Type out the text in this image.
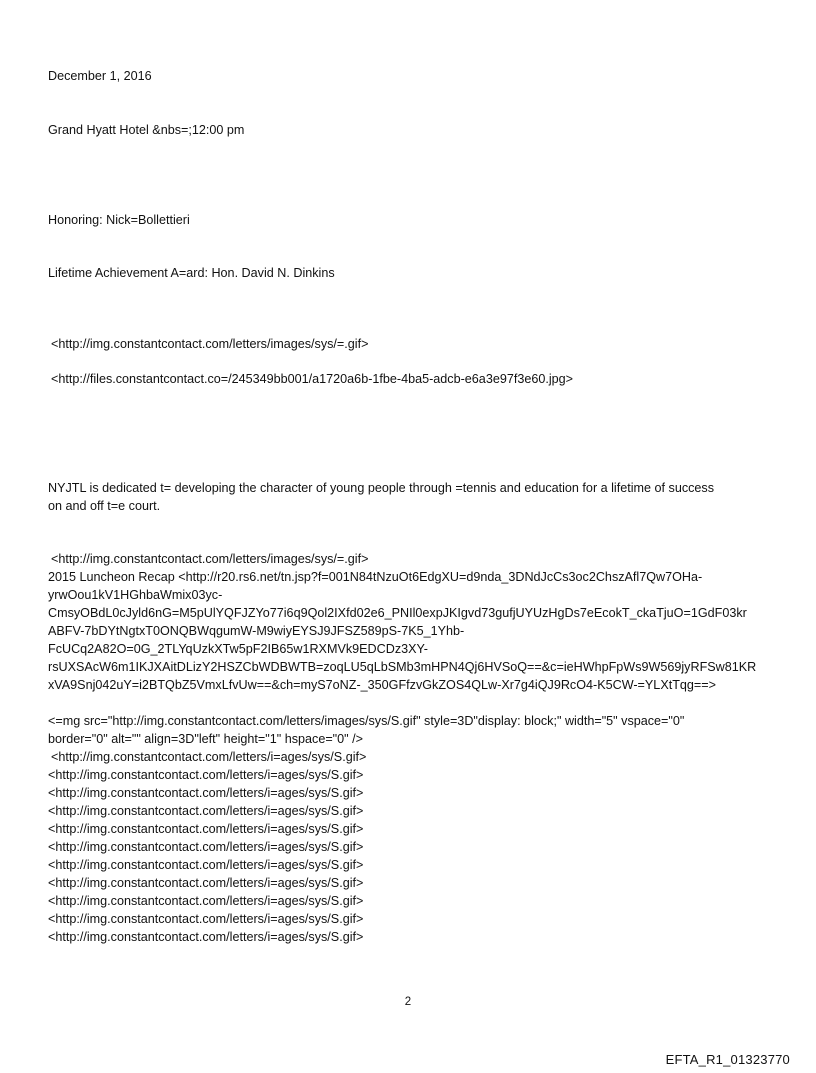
December 1, 2016
Grand Hyatt Hotel &nbs=;12:00 pm
Honoring: Nick=Bollettieri
Lifetime Achievement A=ard: Hon. David N. Dinkins
<http://img.constantcontact.com/letters/images/sys/=.gif>
<http://files.constantcontact.co=/245349bb001/a1720a6b-1fbe-4ba5-adcb-e6a3e97f3e60.jpg>
NYJTL is dedicated t= developing the character of young people through =tennis and education for a lifetime of success
on and off t=e court.
<http://img.constantcontact.com/letters/images/sys/=.gif>
2015 Luncheon Recap <http://r20.rs6.net/tn.jsp?f=001N84tNzuOt6EdgXU=d9nda_3DNdJcCs3oc2ChszAfl7Qw7OHa-
yrwOou1kV1HGhbaWmix03yc-
CmsyOBdL0cJyld6nG=M5pUlYQFJZYo77i6q9Qol2IXfd02e6_PNIl0expJKIgvd73gufjUYUzHgDs7eEcokT_ckaTjuO=1GdF03kr
ABFV-7bDYtNgtxT0ONQBWqgumW-M9wiyEYSJ9JFSZ589pS-7K5_1Yhb-
FcUCq2A82O=0G_2TLYqUzkXTw5pF2IB65w1RXMVk9EDCDz3XY-
rsUXSAcW6m1IKJXAitDLizY2HSZCbWDBWTB=zoqLU5qLbSMb3mHPN4Qj6HVSoQ==&c=ieHWhpFpWs9W569jyRFSw81KR
xVA9Snj042uY=i2BTQbZ5VmxLfvUw==&ch=myS7oNZ-_350GFfzvGkZOS4QLw-Xr7g4iQJ9RcO4-K5CW-=YLXtTqg==>
<=mg src="http://img.constantcontact.com/letters/images/sys/S.gif" style=3D"display: block;" width="5" vspace="0"
border="0" alt="" align=3D"left" height="1" hspace="0" />
<http://img.constantcontact.com/letters/i=ages/sys/S.gif>
<http://img.constantcontact.com/letters/i=ages/sys/S.gif>
<http://img.constantcontact.com/letters/i=ages/sys/S.gif>
<http://img.constantcontact.com/letters/i=ages/sys/S.gif>
<http://img.constantcontact.com/letters/i=ages/sys/S.gif>
<http://img.constantcontact.com/letters/i=ages/sys/S.gif>
<http://img.constantcontact.com/letters/i=ages/sys/S.gif>
<http://img.constantcontact.com/letters/i=ages/sys/S.gif>
<http://img.constantcontact.com/letters/i=ages/sys/S.gif>
<http://img.constantcontact.com/letters/i=ages/sys/S.gif>
<http://img.constantcontact.com/letters/i=ages/sys/S.gif>
2
EFTA_R1_01323770
